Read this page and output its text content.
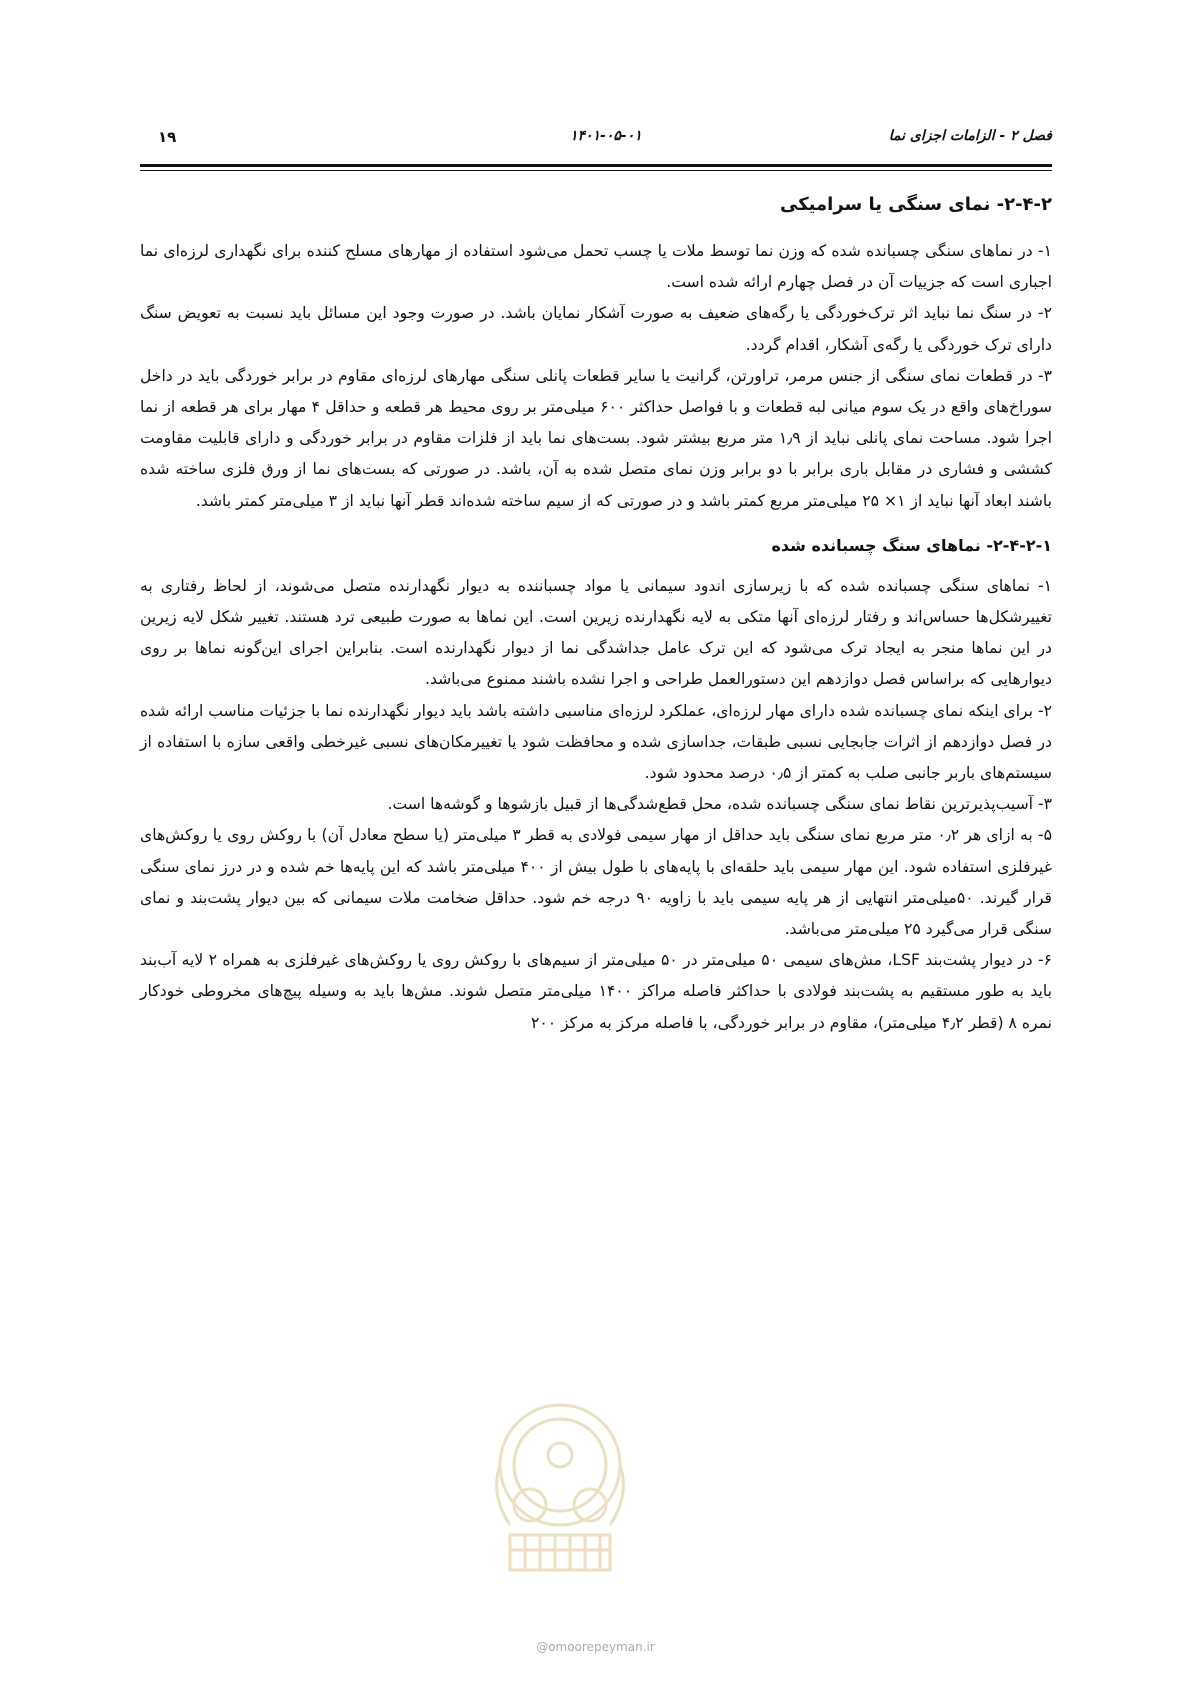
فصل ۲ - الزامات اجزای نما
۱۴۰۱-۰۵-۰۱
۱۹
۲-۴-۲- نمای سنگی یا سرامیکی

۱- در نماهای سنگی چسبانده شده که وزن نما توسط ملات یا چسب تحمل می‌شود استفاده از مهارهای مسلح کننده برای نگهداری لرزه‌ای نما اجباری است که جزییات آن در فصل چهارم ارائه شده است.

۲- در سنگ نما نباید اثر ترک‌خوردگی یا رگه‌های ضعیف به صورت آشکار نمایان باشد. در صورت وجود این مسائل باید نسبت به تعویض سنگ دارای ترک خوردگی یا رگه‌ی آشکار، اقدام گردد.

۳- در قطعات نمای سنگی از جنس مرمر، تراورتن، گرانیت یا سایر قطعات پانلی سنگی مهارهای لرزه‌ای مقاوم در برابر خوردگی باید در داخل سوراخ‌های واقع در یک سوم میانی لبه قطعات و با فواصل حداکثر ۶۰۰ میلی‌متر بر روی محیط هر قطعه و حداقل ۴ مهار برای هر قطعه از نما اجرا شود. مساحت نمای پانلی نباید از ۱٫۹ متر مربع بیشتر شود. بست‌های نما باید از فلزات مقاوم در برابر خوردگی و دارای قابلیت مقاومت کششی و فشاری در مقابل باری برابر با دو برابر وزن نمای متصل شده به آن، باشد. در صورتی که بست‌های نما از ورق فلزی ساخته شده باشند ابعاد آنها نباید از ۱× ۲۵ میلی‌متر مربع کمتر باشد و در صورتی که از سیم ساخته شده‌اند قطر آنها نباید از ۳ میلی‌متر کمتر باشد.

۲-۴-۲-۱- نماهای سنگ چسبانده شده

۱- نماهای سنگی چسبانده شده که با زیرسازی اندود سیمانی یا مواد چسباننده به دیوار نگهدارنده متصل می‌شوند، از لحاظ رفتاری به تغییرشکل‌ها حساس‌اند و رفتار لرزه‌ای آنها متکی به لایه نگهدارنده زیرین است. این نماها به صورت طبیعی ترد هستند. تغییر شکل لایه زیرین در این نماها منجر به ایجاد ترک می‌شود که این ترک عامل جداشدگی نما از دیوار نگهدارنده است. بنابراین اجرای این‌گونه نماها بر روی دیوارهایی که براساس فصل دوازدهم این دستورالعمل طراحی و اجرا نشده باشند ممنوع می‌باشد.

۲- برای اینکه نمای چسبانده شده دارای مهار لرزه‌ای، عملکرد لرزه‌ای مناسبی داشته باشد باید دیوار نگهدارنده نما با جزئیات مناسب ارائه شده در فصل دوازدهم از اثرات جابجایی نسبی طبقات، جداسازی شده و محافظت شود یا تغییرمکان‌های نسبی غیرخطی واقعی سازه با استفاده از سیستم‌های باربر جانبی صلب به کمتر از ۰٫۵ درصد محدود شود.

۳- آسیب‌پذیرترین نقاط نمای سنگی چسبانده شده، محل قطع‌شدگی‌ها از قبیل بازشوها و گوشه‌ها است.

۵- به ازای هر ۰٫۲ متر مربع نمای سنگی باید حداقل از مهار سیمی فولادی به قطر ۳ میلی‌متر (یا سطح معادل آن) با روکش روی یا روکش‌های غیرفلزی استفاده شود. این مهار سیمی باید حلقه‌ای با پایه‌های با طول بیش از ۴۰۰ میلی‌متر باشد که این پایه‌ها خم شده و در درز نمای سنگی قرار گیرند. ۵۰میلی‌متر انتهایی از هر پایه سیمی باید با زاویه ۹۰ درجه خم شود. حداقل ضخامت ملات سیمانی که بین دیوار پشت‌بند و نمای سنگی قرار می‌گیرد ۲۵ میلی‌متر می‌باشد.

۶- در دیوار پشت‌بند LSF، مش‌های سیمی ۵۰ میلی‌متر در ۵۰ میلی‌متر از سیم‌های با روکش روی یا روکش‌های غیرفلزی به همراه ۲ لایه آب‌بند باید به طور مستقیم به پشت‌بند فولادی با حداکثر فاصله مراکز ۱۴۰۰ میلی‌متر متصل شوند. مش‌ها باید به وسیله پیچ‌های مخروطی خودکار نمره ۸ (قطر ۴٫۲ میلی‌متر)، مقاوم در برابر خوردگی، با فاصله مرکز به مرکز ۲۰۰

@omoorepeyman.ir
